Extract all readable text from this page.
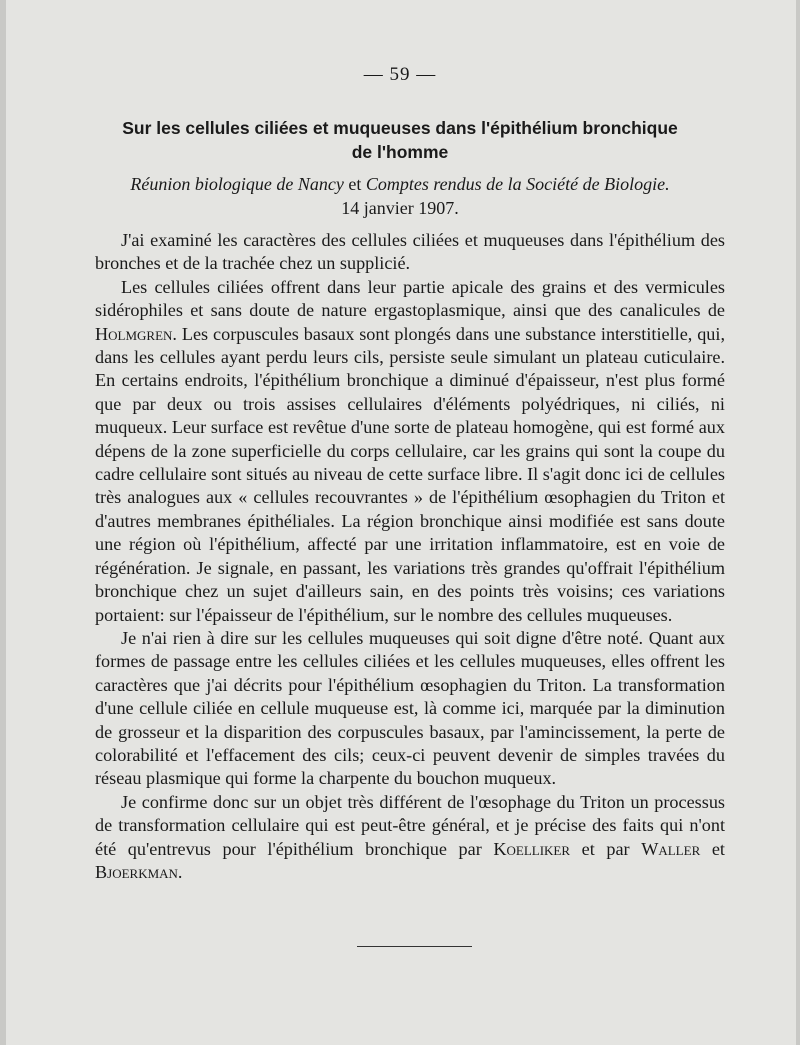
— 59 —
Sur les cellules ciliées et muqueuses dans l'épithélium bronchique
de l'homme
Réunion biologique de Nancy et Comptes rendus de la Société de Biologie.
14 janvier 1907.

J'ai examiné les caractères des cellules ciliées et muqueuses dans l'épithélium des bronches et de la trachée chez un supplicié.

Les cellules ciliées offrent dans leur partie apicale des grains et des vermicules sidérophiles et sans doute de nature ergastoplasmique, ainsi que des canalicules de Holmgren. Les corpuscules basaux sont plongés dans une substance interstitielle, qui, dans les cellules ayant perdu leurs cils, persiste seule simulant un plateau cuticulaire. En certains endroits, l'épithélium bronchique a diminué d'épaisseur, n'est plus formé que par deux ou trois assises cellulaires d'éléments polyédriques, ni ciliés, ni muqueux. Leur surface est revêtue d'une sorte de plateau homogène, qui est formé aux dépens de la zone superficielle du corps cellulaire, car les grains qui sont la coupe du cadre cellulaire sont situés au niveau de cette surface libre. Il s'agit donc ici de cellules très analogues aux « cellules recouvrantes » de l'épithélium œsophagien du Triton et d'autres membranes épithéliales. La région bronchique ainsi modifiée est sans doute une région où l'épithélium, affecté par une irritation inflammatoire, est en voie de régénération. Je signale, en passant, les variations très grandes qu'offrait l'épithélium bronchique chez un sujet d'ailleurs sain, en des points très voisins; ces variations portaient: sur l'épaisseur de l'épithélium, sur le nombre des cellules muqueuses.

Je n'ai rien à dire sur les cellules muqueuses qui soit digne d'être noté. Quant aux formes de passage entre les cellules ciliées et les cellules muqueuses, elles offrent les caractères que j'ai décrits pour l'épithélium œsophagien du Triton. La transformation d'une cellule ciliée en cellule muqueuse est, là comme ici, marquée par la diminution de grosseur et la disparition des corpuscules basaux, par l'amincissement, la perte de colorabilité et l'effacement des cils; ceux-ci peuvent devenir de simples travées du réseau plasmique qui forme la charpente du bouchon muqueux.

Je confirme donc sur un objet très différent de l'œsophage du Triton un processus de transformation cellulaire qui est peut-être général, et je précise des faits qui n'ont été qu'entrevus pour l'épithélium bronchique par Koelliker et par Waller et Bjoerkman.
